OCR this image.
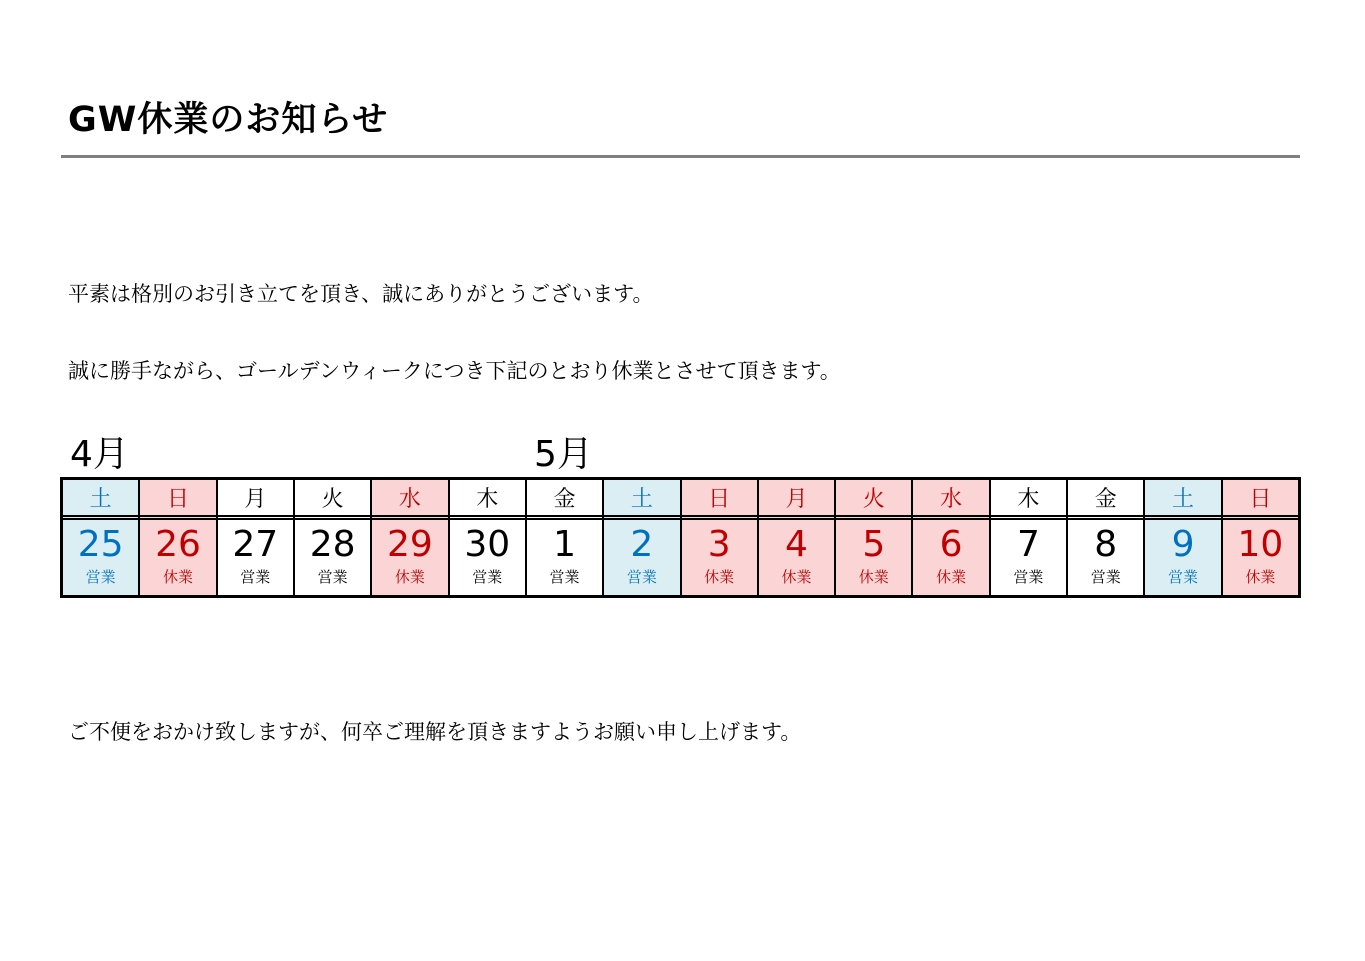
GW休業のお知らせ
平素は格別のお引き立てを頂き、誠にありがとうございます。
誠に勝手ながら、ゴールデンウィークにつき下記のとおり休業とさせて頂きます。
4月	5月
土
25
営業
日
26
休業
月
27
営業
火
28
営業
水
29
休業
木
30
営業
金
1
営業
土
2
営業
日
3
休業
月
4
休業
火
5
休業
水
6
休業
木
7
営業
金
8
営業
土
9
営業
日
10
休業
ご不便をおかけ致しますが、何卒ご理解を頂きますようお願い申し上げます。
